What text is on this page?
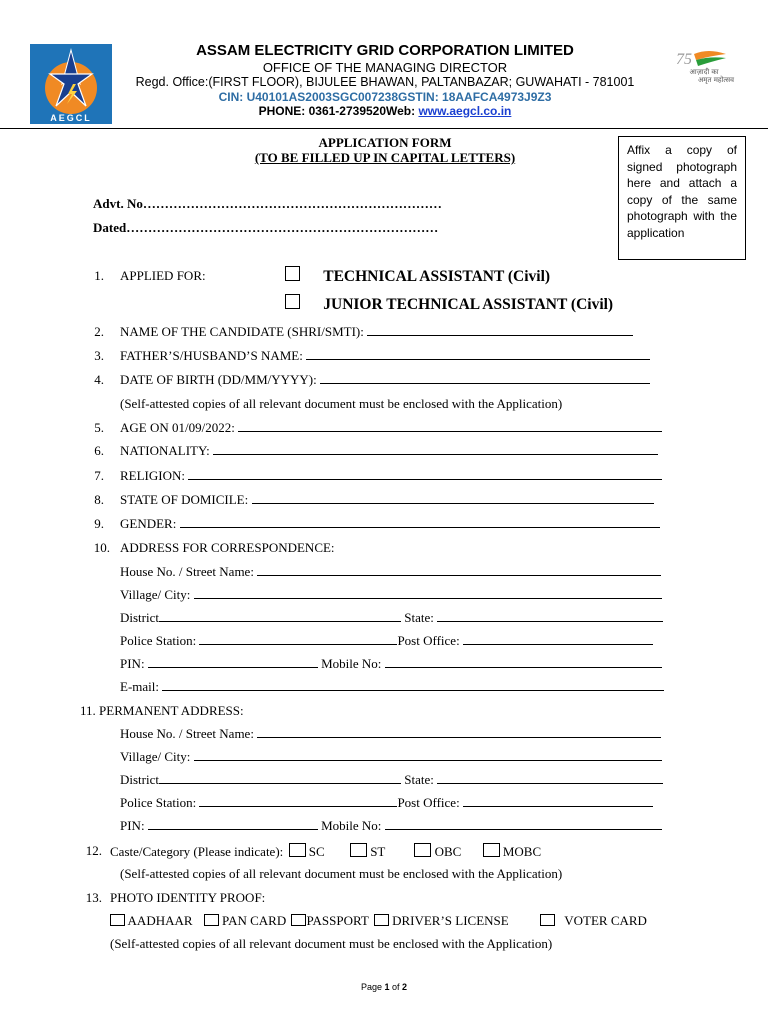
AEGCL
ASSAM ELECTRICITY GRID CORPORATION LIMITED
OFFICE OF THE MANAGING DIRECTOR
Regd. Office:(FIRST FLOOR), BIJULEE BHAWAN, PALTANBAZAR; GUWAHATI - 781001
CIN: U40101AS2003SGC007238GSTIN: 18AAFCA4973J9Z3
PHONE: 0361-2739520Web: www.aegcl.co.in
75
आज़ादी का
अमृत महोत्सव
Affix a copy of signed photograph here and attach a copy of the same photograph with the application
APPLICATION FORM
(TO BE FILLED UP IN CAPITAL LETTERS)
Advt. No……………………………………………………………
Dated………………………………………………………………
1. APPLIED FOR:	TECHNICAL ASSISTANT (Civil)
JUNIOR TECHNICAL ASSISTANT (Civil)
2. NAME OF THE CANDIDATE (SHRI/SMTI):
3. FATHER’S/HUSBAND’S NAME:
4. DATE OF BIRTH (DD/MM/YYYY):
(Self-attested copies of all relevant document must be enclosed with the Application)
5. AGE ON 01/09/2022:
6. NATIONALITY:
7. RELIGION:
8. STATE OF DOMICILE:
9. GENDER:
10. ADDRESS FOR CORRESPONDENCE:
House No. / Street Name:
Village/ City:
District	State:
Police Station:	Post Office:
PIN:	Mobile No:
E-mail:
11. PERMANENT ADDRESS:
House No. / Street Name:
Village/ City:
District	State:
Police Station:	Post Office:
PIN:	Mobile No:
12. Caste/Category (Please indicate): SC	ST	OBC	MOBC
(Self-attested copies of all relevant document must be enclosed with the Application)
13. PHOTO IDENTITY PROOF:
AADHAAR PAN CARD PASSPORT DRIVER’S LICENSE	VOTER CARD
(Self-attested copies of all relevant document must be enclosed with the Application)
Page 1 of 2
